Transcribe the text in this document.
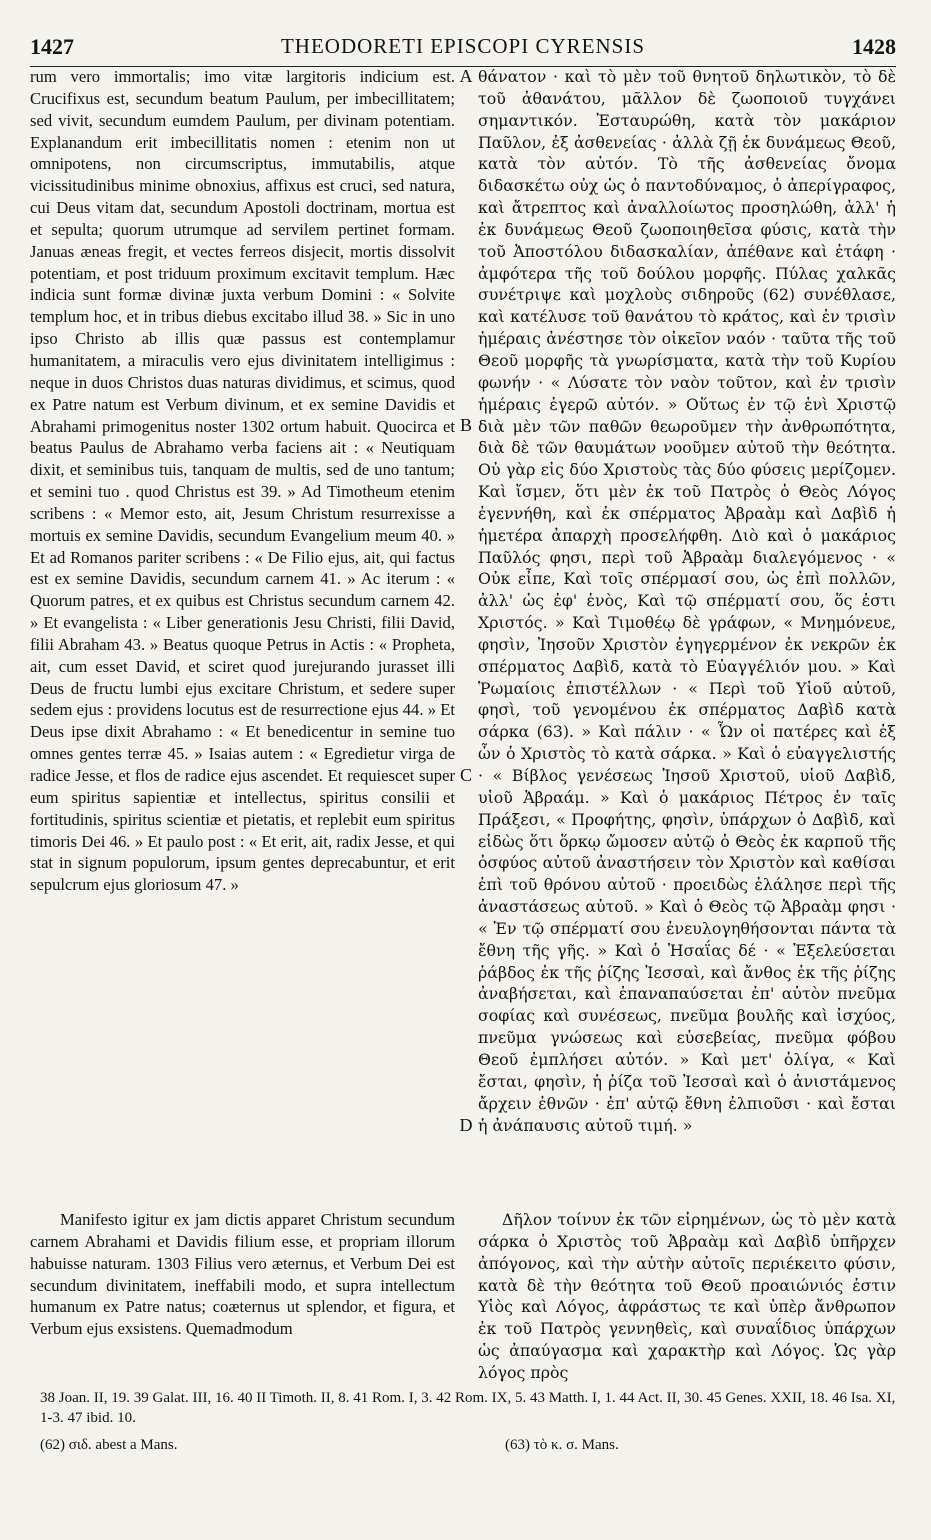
1427	THEODORETI EPISCOPI CYRENSIS	1428

rum vero immortalis; imo vitæ largitoris indicium est. Crucifixus est, secundum beatum Paulum, per imbecillitatem; sed vivit, secundum eumdem Paulum, per divinam potentiam. Explanandum erit imbecillitatis nomen : etenim non ut omnipotens, non circumscriptus, immutabilis, atque vicissitudinibus minime obnoxius, affixus est cruci, sed natura, cui Deus vitam dat, secundum Apostoli doctrinam, mortua est et sepulta; quorum utrumque ad servilem pertinet formam. Januas æneas fregit, et vectes ferreos disjecit, mortis dissolvit potentiam, et post triduum proximum excitavit templum. Hæc indicia sunt formæ divinæ juxta verbum Domini : « Solvite templum hoc, et in tribus diebus excitabo illud 38. » Sic in uno ipso Christo ab illis quæ passus est contemplamur humanitatem, a miraculis vero ejus divinitatem intelligimus : neque in duos Christos duas naturas dividimus, et scimus, quod ex Patre natum est Verbum divinum, et ex semine Davidis et Abrahami primogenitus noster 1302 ortum habuit. Quocirca et beatus Paulus de Abrahamo verba faciens ait : « Neutiquam dixit, et seminibus tuis, tanquam de multis, sed de uno tantum; et semini tuo . quod Christus est 39. » Ad Timotheum etenim scribens : « Memor esto, ait, Jesum Christum resurrexisse a mortuis ex semine Davidis, secundum Evangelium meum 40. » Et ad Romanos pariter scribens : « De Filio ejus, ait, qui factus est ex semine Davidis, secundum carnem 41. » Ac iterum : « Quorum patres, et ex quibus est Christus secundum carnem 42. » Et evangelista : « Liber generationis Jesu Christi, filii David, filii Abraham 43. » Beatus quoque Petrus in Actis : « Propheta, ait, cum esset David, et sciret quod jurejurando jurasset illi Deus de fructu lumbi ejus excitare Christum, et sedere super sedem ejus : providens locutus est de resurrectione ejus 44. » Et Deus ipse dixit Abrahamo : « Et benedicentur in semine tuo omnes gentes terræ 45. » Isaias autem : « Egredietur virga de radice Jesse, et flos de radice ejus ascendet. Et requiescet super eum spiritus sapientiæ et intellectus, spiritus consilii et fortitudinis, spiritus scientiæ et pietatis, et replebit eum spiritus timoris Dei 46. » Et paulo post : « Et erit, ait, radix Jesse, et qui stat in signum populorum, ipsum gentes deprecabuntur, et erit sepulcrum ejus gloriosum 47. »

Manifesto igitur ex jam dictis apparet Christum secundum carnem Abrahami et Davidis filium esse, et propriam illorum habuisse naturam. 1303 Filius vero æternus, et Verbum Dei est secundum divinitatem, ineffabili modo, et supra intellectum humanum ex Patre natus; coæternus ut splendor, et figura, et Verbum ejus exsistens. Quemadmodum

θάνατον · καὶ τὸ μὲν τοῦ θνητοῦ δηλωτικὸν, τὸ δὲ τοῦ ἀθανάτου, μᾶλλον δὲ ζωοποιοῦ τυγχάνει σημαντικόν. Ἐσταυρώθη, κατὰ τὸν μακάριον Παῦλον, ἐξ ἀσθενείας · ἀλλὰ ζῇ ἐκ δυνάμεως Θεοῦ, κατὰ τὸν αὐτόν. Τὸ τῆς ἀσθενείας ὄνομα διδασκέτω οὐχ ὡς ὁ παντοδύναμος, ὁ ἀπερίγραφος, καὶ ἄτρεπτος καὶ ἀναλλοίωτος προσηλώθη, ἀλλ' ἡ ἐκ δυνάμεως Θεοῦ ζωοποιηθεῖσα φύσις, κατὰ τὴν τοῦ Ἀποστόλου διδασκαλίαν, ἀπέθανε καὶ ἐτάφη · ἀμφότερα τῆς τοῦ δούλου μορφῆς. Πύλας χαλκᾶς συνέτριψε καὶ μοχλοὺς σιδηροῦς (62) συνέθλασε, καὶ κατέλυσε τοῦ θανάτου τὸ κράτος, καὶ ἐν τρισὶν ἡμέραις ἀνέστησε τὸν οἰκεῖον ναόν · ταῦτα τῆς τοῦ Θεοῦ μορφῆς τὰ γνωρίσματα, κατὰ τὴν τοῦ Κυρίου φωνήν · « Λύσατε τὸν ναὸν τοῦτον, καὶ ἐν τρισὶν ἡμέραις ἐγερῶ αὐτόν. » Οὕτως ἐν τῷ ἑνὶ Χριστῷ διὰ μὲν τῶν παθῶν θεωροῦμεν τὴν ἀνθρωπότητα, διὰ δὲ τῶν θαυμάτων νοοῦμεν αὐτοῦ τὴν θεότητα. Οὐ γὰρ εἰς δύο Χριστοὺς τὰς δύο φύσεις μερίζομεν. Καὶ ἴσμεν, ὅτι μὲν ἐκ τοῦ Πατρὸς ὁ Θεὸς Λόγος ἐγεννήθη, καὶ ἐκ σπέρματος Ἀβραὰμ καὶ Δαβὶδ ἡ ἡμετέρα ἀπαρχὴ προσελήφθη. Διὸ καὶ ὁ μακάριος Παῦλός φησι, περὶ τοῦ Ἀβραὰμ διαλεγόμενος · « Οὐκ εἶπε, Καὶ τοῖς σπέρμασί σου, ὡς ἐπὶ πολλῶν, ἀλλ' ὡς ἐφ' ἑνὸς, Καὶ τῷ σπέρματί σου, ὅς ἐστι Χριστός. » Καὶ Τιμοθέῳ δὲ γράφων, « Μνημόνευε, φησὶν, Ἰησοῦν Χριστὸν ἐγηγερμένον ἐκ νεκρῶν ἐκ σπέρματος Δαβὶδ, κατὰ τὸ Εὐαγγέλιόν μου. » Καὶ Ῥωμαίοις ἐπιστέλλων · « Περὶ τοῦ Υἱοῦ αὐτοῦ, φησὶ, τοῦ γενομένου ἐκ σπέρματος Δαβὶδ κατὰ σάρκα (63). » Καὶ πάλιν · « Ὧν οἱ πατέρες καὶ ἐξ ὧν ὁ Χριστὸς τὸ κατὰ σάρκα. » Καὶ ὁ εὐαγγελιστής · « Βίβλος γενέσεως Ἰησοῦ Χριστοῦ, υἱοῦ Δαβὶδ, υἱοῦ Ἀβραάμ. » Καὶ ὁ μακάριος Πέτρος ἐν ταῖς Πράξεσι, « Προφήτης, φησὶν, ὑπάρχων ὁ Δαβὶδ, καὶ εἰδὼς ὅτι ὅρκῳ ὤμοσεν αὐτῷ ὁ Θεὸς ἐκ καρποῦ τῆς ὀσφύος αὐτοῦ ἀναστήσειν τὸν Χριστὸν καὶ καθίσαι ἐπὶ τοῦ θρόνου αὐτοῦ · προειδὼς ἐλάλησε περὶ τῆς ἀναστάσεως αὐτοῦ. » Καὶ ὁ Θεὸς τῷ Ἀβραὰμ φησι · « Ἐν τῷ σπέρματί σου ἐνευλογηθήσονται πάντα τὰ ἔθνη τῆς γῆς. » Καὶ ὁ Ἡσαΐας δέ · « Ἐξελεύσεται ῥάβδος ἐκ τῆς ῥίζης Ἰεσσαὶ, καὶ ἄνθος ἐκ τῆς ῥίζης ἀναβήσεται, καὶ ἐπαναπαύσεται ἐπ' αὐτὸν πνεῦμα σοφίας καὶ συνέσεως, πνεῦμα βουλῆς καὶ ἰσχύος, πνεῦμα γνώσεως καὶ εὐσεβείας, πνεῦμα φόβου Θεοῦ ἐμπλήσει αὐτόν. » Καὶ μετ' ὀλίγα, « Καὶ ἔσται, φησὶν, ἡ ῥίζα τοῦ Ἰεσσαὶ καὶ ὁ ἀνιστάμενος ἄρχειν ἐθνῶν · ἐπ' αὐτῷ ἔθνη ἐλπιοῦσι · καὶ ἔσται ἡ ἀνάπαυσις αὐτοῦ τιμή. »

Δῆλον τοίνυν ἐκ τῶν εἰρημένων, ὡς τὸ μὲν κατὰ σάρκα ὁ Χριστὸς τοῦ Ἀβραὰμ καὶ Δαβὶδ ὑπῆρχεν ἀπόγονος, καὶ τὴν αὐτὴν αὐτοῖς περιέκειτο φύσιν, κατὰ δὲ τὴν θεότητα τοῦ Θεοῦ προαιώνιός ἐστιν Υἱὸς καὶ Λόγος, ἀφράστως τε καὶ ὑπὲρ ἄνθρωπον ἐκ τοῦ Πατρὸς γεννηθεὶς, καὶ συναΐδιος ὑπάρχων ὡς ἀπαύγασμα καὶ χαρακτὴρ καὶ Λόγος. Ὡς γὰρ λόγος πρὸς
A
B
C
D
38 Joan. II, 19. 39 Galat. III, 16. 40 II Timoth. II, 8. 41 Rom. I, 3. 42 Rom. IX, 5. 43 Matth. I, 1. 44 Act. II, 30. 45 Genes. XXII, 18. 46 Isa. XI, 1-3. 47 ibid. 10.
(62) σιδ. abest a Mans.	(63) τὸ κ. σ. Mans.
